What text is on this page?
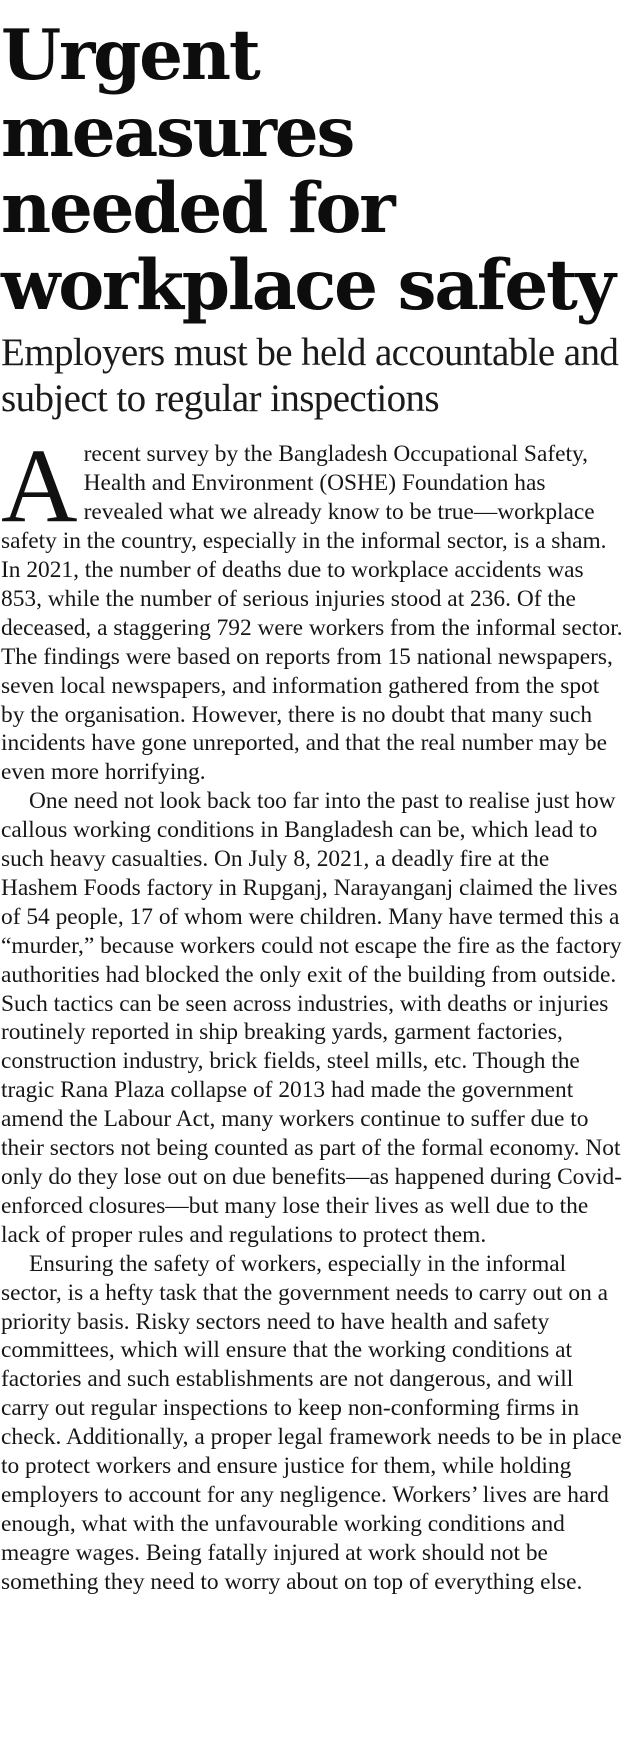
Urgent measures needed for workplace safety
Employers must be held accountable and subject to regular inspections

A recent survey by the Bangladesh Occupational Safety, Health and Environment (OSHE) Foundation has revealed what we already know to be true—workplace safety in the country, especially in the informal sector, is a sham. In 2021, the number of deaths due to workplace accidents was 853, while the number of serious injuries stood at 236. Of the deceased, a staggering 792 were workers from the informal sector. The findings were based on reports from 15 national newspapers, seven local newspapers, and information gathered from the spot by the organisation. However, there is no doubt that many such incidents have gone unreported, and that the real number may be even more horrifying.

One need not look back too far into the past to realise just how callous working conditions in Bangladesh can be, which lead to such heavy casualties. On July 8, 2021, a deadly fire at the Hashem Foods factory in Rupganj, Narayanganj claimed the lives of 54 people, 17 of whom were children. Many have termed this a “murder,” because workers could not escape the fire as the factory authorities had blocked the only exit of the building from outside. Such tactics can be seen across industries, with deaths or injuries routinely reported in ship breaking yards, garment factories, construction industry, brick fields, steel mills, etc. Though the tragic Rana Plaza collapse of 2013 had made the government amend the Labour Act, many workers continue to suffer due to their sectors not being counted as part of the formal economy. Not only do they lose out on due benefits—as happened during Covid-enforced closures—but many lose their lives as well due to the lack of proper rules and regulations to protect them.

Ensuring the safety of workers, especially in the informal sector, is a hefty task that the government needs to carry out on a priority basis. Risky sectors need to have health and safety committees, which will ensure that the working conditions at factories and such establishments are not dangerous, and will carry out regular inspections to keep non-conforming firms in check. Additionally, a proper legal framework needs to be in place to protect workers and ensure justice for them, while holding employers to account for any negligence. Workers’ lives are hard enough, what with the unfavourable working conditions and meagre wages. Being fatally injured at work should not be something they need to worry about on top of everything else.
